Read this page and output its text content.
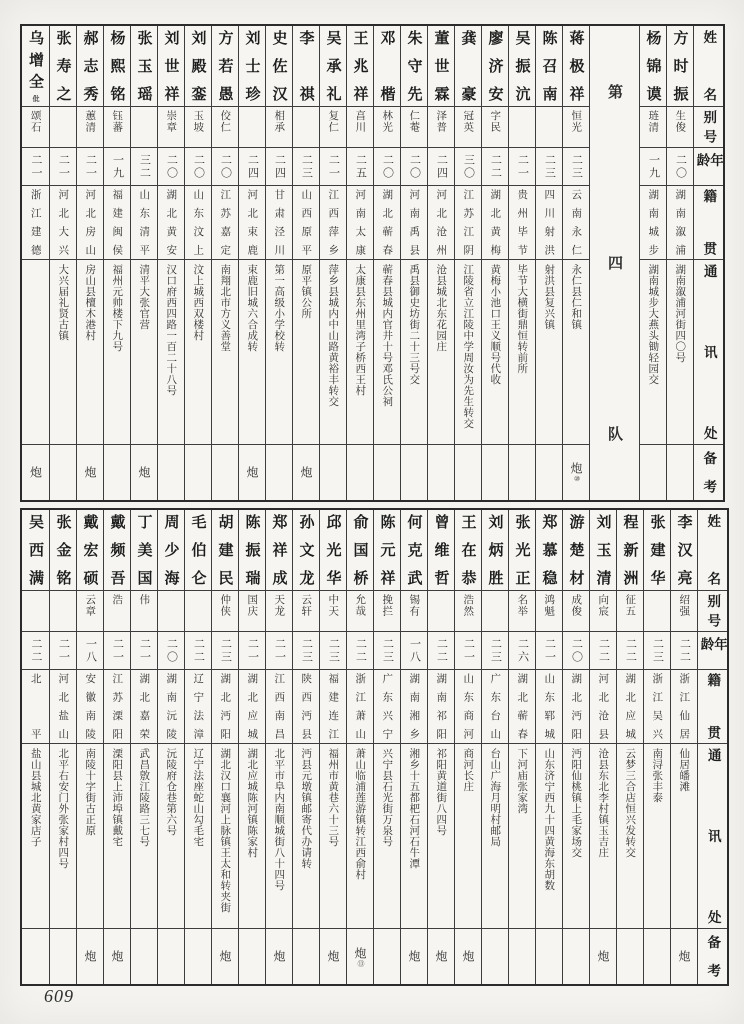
姓名
别号
年龄
籍贯
通讯处
备考
方时振
生俊
二〇
湖南溆浦
湖南溆浦河街四〇号
杨锦谟
琏清
一九
湖南城步
湖南城步大燕头锄轻园交
第四队
蒋极祥
恒光
二三
云南永仁
永仁县仁和镇
炮⑩
陈召南
二三
四川射洪
射洪县复兴镇
吴振沆
二一
贵州毕节
毕节大横街鼎恒转前所
廖济安
字民
二二
湖北黄梅
黄梅小池口王义顺号代收
龚豪
冠英
三〇
江苏江阴
江陵省立江陵中学周汝为先生转交
董世霖
泽普
二四
河北沧州
沧县城北东花园庄
朱守先
仁菴
二〇
河南禹县
禹县御史坊街二十三号交
邓楷
林光
二〇
湖北蕲春
蕲春县城内官井十号邓氏公祠
王兆祥
亯川
二五
河南太康
太康县东州里湾子桥西王村
吴承礼
复仁
二一
江西萍乡
萍乡县城内中山路黄裕丰转交
李祺
二三
山西原平
原平镇公所
炮
史佐汉
相承
二四
甘肃泾川
第一高级小学校转
刘士珍
二四
河北束鹿
束鹿旧城六合成转
炮
方若愚
佼仁
二〇
江苏嘉定
南翔北市方义善堂
刘殿銮
玉坡
二〇
山东汶上
汶上城西双楼村
刘世祥
崇章
二〇
湖北黄安
汉口府西四路一百二十八号
张玉瑶
三二
山东清平
清平大张官营
炮
杨熙铭
钰蕃
一九
福建闽侯
福州元帅楼下九号
郝志秀
蕙清
二一
河北房山
房山县檀木港村
炮
张寿之
二一
河北大兴
大兴届礼贤古镇
乌增全仳
颂石
二一
浙江建德
炮
姓名
别号
年龄
籍贯
通讯处
备考
李汉亮
绍强
二二
浙江仙居
仙居皤滩
炮
张建华
二三
浙江吴兴
南浔张丰泰
程新洲
征五
二二
湖北应城
云梦三合店恒兴发转交
刘玉清
向宸
二二
河北沧县
沧县东北李村镇玉吉庄
炮
游楚材
成俊
二〇
湖北沔阳
沔阳仙桃镇上毛家场交
郑慕稳
鸿魁
二一
山东郓城
山东济宁西九十四黄海东胡数
张光正
名举
二六
湖北蕲春
下河庙张家湾
刘炳胜
二三
广东台山
台山广海月明村邮局
王在恭
浩然
二一
山东商河
商河长庄
炮
曾维哲
二二
湖南祁阳
祁阳黄道街八四号
炮
何克武
锡有
一八
湖南湘乡
湘乡十五都杷石河石牛潭
炮
陈元祥
挽拦
二三
广东兴宁
兴宁县石光街万泉号
俞国桥
允哉
二二
浙江萧山
萧山临浦莲游镇转江西俞村
炮⑬
邱光华
中天
二三
福建连江
福州市黄巷六十三号
炮
孙文龙
云轩
二三
陕西沔县
沔县元墩镇邮寄代办请转
郑祥成
天龙
二一
江西南昌
北平市阜内南顺城街八十四号
炮
陈振瑞
国庆
二一
湖北应城
湖北应城陈河镇陈家村
胡建民
仲侠
二三
湖北沔阳
湖北汉口襄河上脉镇王太和转夹街
炮
毛伯仑
二二
辽宁法漳
辽宁法座蛇山勾毛宅
周少海
二〇
湖南沅陵
沅陵府仓巷第六号
丁美国
伟
二一
湖北嘉荣
武昌敫江陵路三七号
戴频吾
浩
二一
江苏溧阳
溧阳县上沛埠镇戴宅
炮
戴宏硕
云章
一八
安徽南陵
南陵十字街古正原
炮
张金铭
二一
河北盐山
北平右安门外张家村四号
吴西满
二二
北平
盐山县城北黄家店子
609
